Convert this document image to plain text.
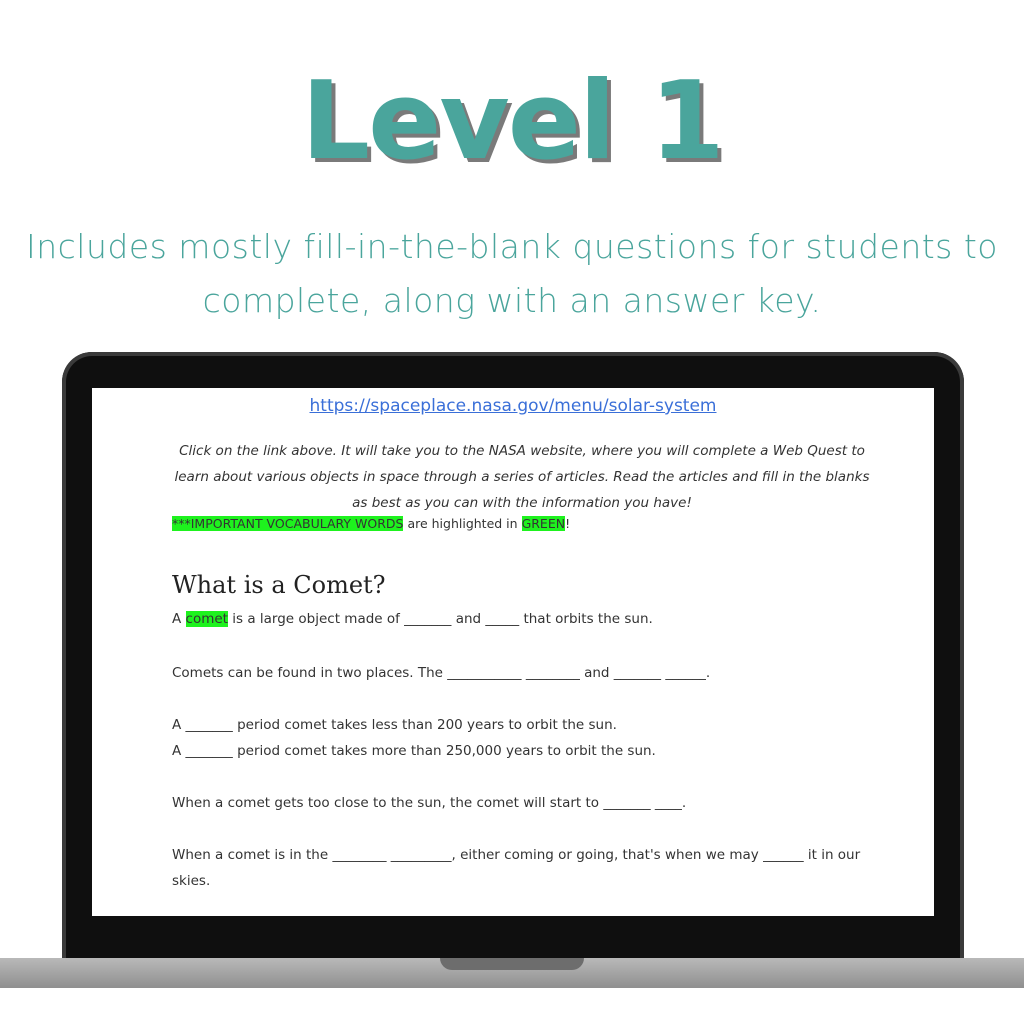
Level 1
Includes mostly fill-in-the-blank questions for students to complete, along with an answer key.
https://spaceplace.nasa.gov/menu/solar-system
Click on the link above. It will take you to the NASA website, where you will complete a Web Quest to learn about various objects in space through a series of articles. Read the articles and fill in the blanks as best as you can with the information you have!
***IMPORTANT VOCABULARY WORDS are highlighted in GREEN!
What is a Comet?
A comet is a large object made of _______ and _____ that orbits the sun.
Comets can be found in two places. The ___________ ________ and _______ ______.
A _______ period comet takes less than 200 years to orbit the sun.
A _______ period comet takes more than 250,000 years to orbit the sun.
When a comet gets too close to the sun, the comet will start to _______ ____.
When a comet is in the ________ _________, either coming or going, that's when we may ______ it in our skies.
